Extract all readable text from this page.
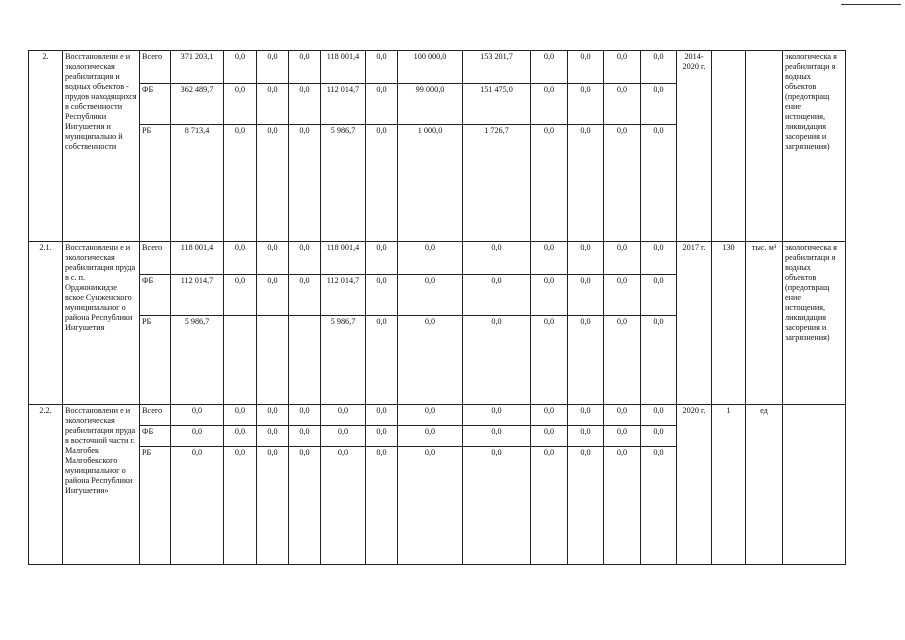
2.	Восстановлени е и экологическая реабилитация и водных объектов - прудов находящихся в собственности Республики Ингушетия и муниципально й собственности	Всего	371 203,1	0,0	0,0	0,0	118 001,4	0,0	100 000,0	153 201,7	0,0	0,0	0,0	0,0	2014-2020 г.			экологическа я реабилитаци я водных объектов (предотвращ ение истощения, ликвидация засорения и загрязнения)
		ФБ	362 489,7	0,0	0,0	0,0	112 014,7	0,0	99 000,0	151 475,0	0,0	0,0	0,0	0,0				
		РБ	8 713,4	0,0	0,0	0,0	5 986,7	0,0	1 000,0	1 726,7	0,0	0,0	0,0	0,0				
2.1.	Восстановлени е и экологическая реабилитация пруда в с. п. Орджоникидзе вское Сунженского муниципальног о района Республики Ингушетия	Всего	118 001,4	0,0	0,0	0,0	118 001,4	0,0	0,0	0,0	0,0	0,0	0,0	0,0	2017 г.	130	тыс. м³	экологическа я реабилитаци я водных объектов (предотвращ ение истощения, ликвидация засорения и загрязнения)
		ФБ	112 014,7	0,0	0,0	0,0	112 014,7	0,0	0,0	0,0	0,0	0,0	0,0	0,0				
		РБ	5 986,7				5 986,7	0,0	0,0	0,0	0,0	0,0	0,0	0,0				
2.2.	Восстановлени е и экологическая реабилитация пруда в восточной части г. Малгобек Малгобекского муниципальног о района Республики Ингушетия»	Всего	0,0	0,0	0,0	0,0	0,0	0,0	0,0	0,0	0,0	0,0	0,0	0,0	2020 г.	1	ед	
		ФБ	0,0	0,0	0,0	0,0	0,0	0,0	0,0	0,0	0,0	0,0	0,0	0,0				
		РБ	0,0	0,0	0,0	0,0	0,0	0,0	0,0	0,0	0,0	0,0	0,0	0,0				
